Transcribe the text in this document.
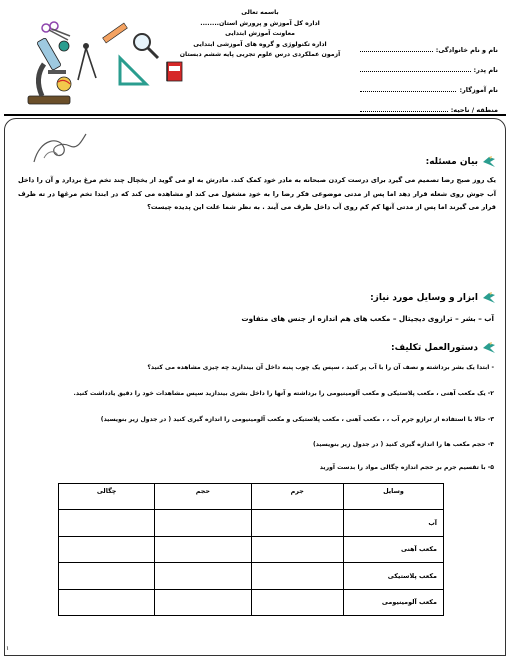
نام و نام خانوادگی:
نام پدر:
نام آموزگار:
منطقه / ناحیه:
باسمه تعالی
اداره کل آموزش و پرورش استان........
معاونت آموزش ابتدایی
اداره تکنولوژی و گروه های آموزشی ابتدایی
آزمون عملکردی درس علوم تجربی پایه ششم دبستان
بیان مسئله:
یک روز صبح رضا تصمیم می گیرد برای درست کردن صبحانه به مادر خود کمک کند. مادرش به او می گوید از یخچال چند تخم مرغ بردارد و آن را داخل آب جوش روی شعله قرار دهد اما پس از مدتی موضوعی فکر رضا را به خود مشغول می کند او مشاهده می کند که در ابتدا تخم مرغها در ته ظرف قرار می گیرند اما پس از مدتی آنها کم کم روی آب داخل ظرف می آیند . به نظر شما علت این پدیده چیست؟
ابزار و وسایل مورد نیاز:
آب – بشر – ترازوی دیجیتال – مکعب های هم اندازه از جنس های متفاوت
دستورالعمل تکلیف:
- ابتدا یک بشر برداشته و نصف آن را با آب پر کنید ، سپس یک چوب پنبه داخل آن بیندازید چه چیزی مشاهده می کنید؟
۲- یک مکعب آهنی ، مکعب پلاستیکی و مکعب آلومینیومی را برداشته و آنها را داخل بشری بیندازید سپس مشاهدات خود را دقیق یادداشت کنید.
۳- حالا با استفاده از ترازو جرم آب ، ، مکعب آهنی ، مکعب پلاستیکی و مکعب آلومینیومی را اندازه گیری کنید ( در جدول زیر بنویسید)
۴- حجم مکعب ها را اندازه گیری کنید ( در جدول زیر بنویسید)
۵- با تقسیم جرم بر حجم اندازه چگالی مواد را بدست آورید
وسایل	جرم	حجم	چگالی
آب			
مکعب آهنی			
مکعب پلاستیکی			
مکعب آلومینیومی			
۱
